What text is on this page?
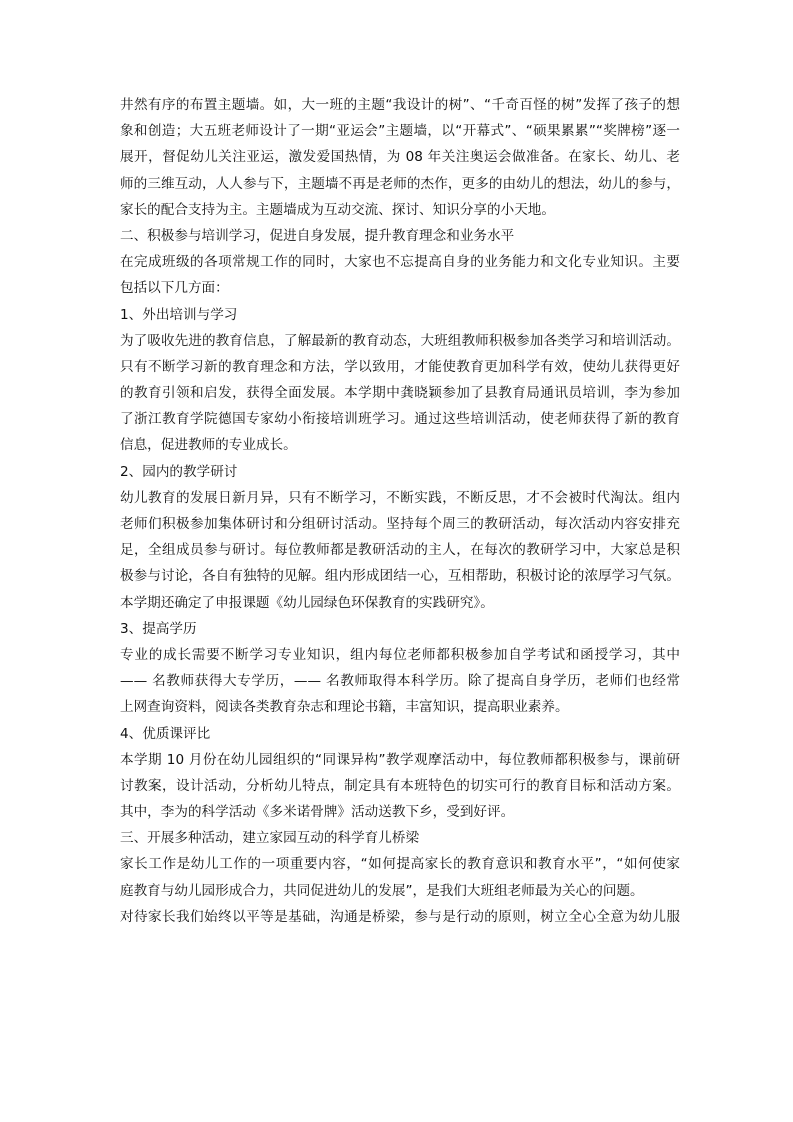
井然有序的布置主题墙。如，大一班的主题“我设计的树”、“千奇百怪的树”发挥了孩子的想
象和创造；大五班老师设计了一期“亚运会”主题墙，以“开幕式”、“硕果累累”“奖牌榜”逐一
展开，督促幼儿关注亚运，激发爱国热情，为 08 年关注奥运会做准备。在家长、幼儿、老
师的三维互动，人人参与下，主题墙不再是老师的杰作，更多的由幼儿的想法，幼儿的参与，
家长的配合支持为主。主题墙成为互动交流、探讨、知识分享的小天地。
二、积极参与培训学习，促进自身发展，提升教育理念和业务水平
在完成班级的各项常规工作的同时，大家也不忘提高自身的业务能力和文化专业知识。主要
包括以下几方面：
1、外出培训与学习
为了吸收先进的教育信息，了解最新的教育动态，大班组教师积极参加各类学习和培训活动。
只有不断学习新的教育理念和方法，学以致用，才能使教育更加科学有效，使幼儿获得更好
的教育引领和启发，获得全面发展。本学期中龚晓颖参加了县教育局通讯员培训，李为参加
了浙江教育学院德国专家幼小衔接培训班学习。通过这些培训活动，使老师获得了新的教育
信息，促进教师的专业成长。
2、园内的教学研讨
幼儿教育的发展日新月异，只有不断学习，不断实践，不断反思，才不会被时代淘汰。组内
老师们积极参加集体研讨和分组研讨活动。坚持每个周三的教研活动，每次活动内容安排充
足，全组成员参与研讨。每位教师都是教研活动的主人，在每次的教研学习中，大家总是积
极参与讨论，各自有独特的见解。组内形成团结一心，互相帮助，积极讨论的浓厚学习气氛。
本学期还确定了申报课题《幼儿园绿色环保教育的实践研究》。
3、提高学历
专业的成长需要不断学习专业知识，组内每位老师都积极参加自学考试和函授学习，其中
—— 名教师获得大专学历，—— 名教师取得本科学历。除了提高自身学历，老师们也经常
上网查询资料，阅读各类教育杂志和理论书籍，丰富知识，提高职业素养。
4、优质课评比
本学期 10 月份在幼儿园组织的“同课异构”教学观摩活动中，每位教师都积极参与，课前研
讨教案，设计活动，分析幼儿特点，制定具有本班特色的切实可行的教育目标和活动方案。
其中，李为的科学活动《多米诺骨牌》活动送教下乡，受到好评。
三、开展多种活动，建立家园互动的科学育儿桥梁
家长工作是幼儿工作的一项重要内容，“如何提高家长的教育意识和教育水平”，“如何使家
庭教育与幼儿园形成合力，共同促进幼儿的发展”，是我们大班组老师最为关心的问题。
对待家长我们始终以平等是基础，沟通是桥梁，参与是行动的原则，树立全心全意为幼儿服
